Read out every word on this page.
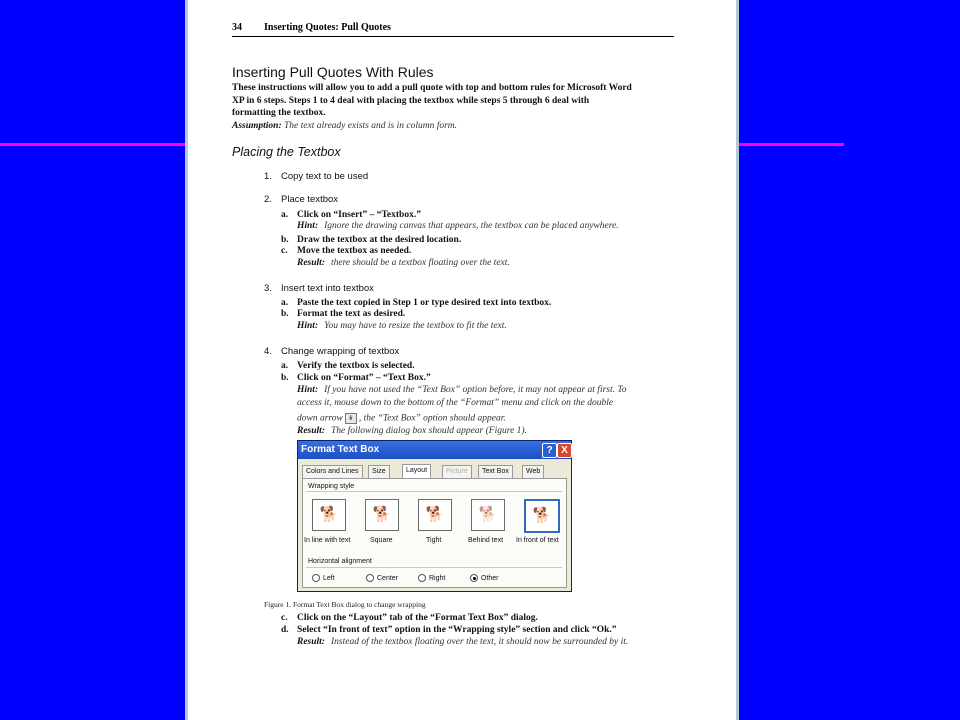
34 Inserting Quotes: Pull Quotes
Inserting Pull Quotes With Rules
These instructions will allow you to add a pull quote with top and bottom rules for Microsoft Word
XP in 6 steps. Steps 1 to 4 deal with placing the textbox while steps 5 through 6 deal with
formatting the textbox.
Assumption: The text already exists and is in column form.
Placing the Textbox
1. Copy text to be used
2. Place textbox
a. Click on “Insert” – “Textbox.”
Hint: Ignore the drawing canvas that appears, the textbox can be placed anywhere.
b. Draw the textbox at the desired location.
c. Move the textbox as needed.
Result: there should be a textbox floating over the text.
3. Insert text into textbox
a. Paste the text copied in Step 1 or type desired text into textbox.
b. Format the text as desired.
Hint: You may have to resize the textbox to fit the text.
4. Change wrapping of textbox
a. Verify the textbox is selected.
b. Click on “Format” – “Text Box.”
Hint: If you have not used the “Text Box” option before, it may not appear at first. To
access it, mouse down to the bottom of the “Format” menu and click on the double
down arrow ↡ , the “Text Box” option should appear.
Result: The following dialog box should appear (Figure 1).
Format Text Box	? X
Colors and Lines	Size	Layout	Picture	Text Box	Web
Wrapping style
🐕 🐕 🐕 🐕 🐕
In line with text	Square	Tight	Behind text In front of text
Horizontal alignment
Left	Center	Right	Other
Figure 1. Format Text Box dialog to change wrapping
c. Click on the “Layout” tab of the “Format Text Box” dialog.
d. Select “In front of text” option in the “Wrapping style” section and click “Ok.”
Result: Instead of the textbox floating over the text, it should now be surrounded by it.
